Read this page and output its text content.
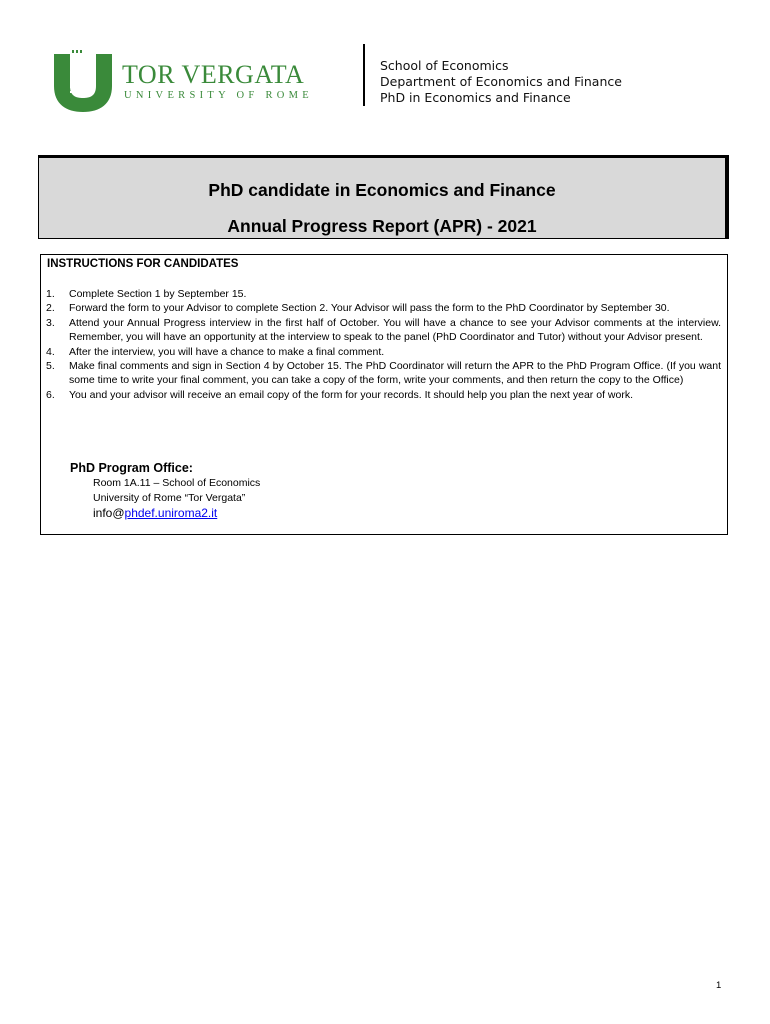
TOR VERGATA
UNIVERSITY OF ROME
School of Economics
Department of Economics and Finance
PhD in Economics and Finance
PhD candidate in Economics and Finance
Annual Progress Report (APR) - 2021
INSTRUCTIONS FOR CANDIDATES
1. Complete Section 1 by September 15.
2. Forward the form to your Advisor to complete Section 2. Your Advisor will pass the form to the PhD Coordinator by September 30.
3. Attend your Annual Progress interview in the first half of October. You will have a chance to see your Advisor comments at the interview. Remember, you will have an opportunity at the interview to speak to the panel (PhD Coordinator and Tutor) without your Advisor present.
4. After the interview, you will have a chance to make a final comment.
5. Make final comments and sign in Section 4 by October 15. The PhD Coordinator will return the APR to the PhD Program Office. (If you want some time to write your final comment, you can take a copy of the form, write your comments, and then return the copy to the Office)
6. You and your advisor will receive an email copy of the form for your records. It should help you plan the next year of work.
PhD Program Office:
Room 1A.11 – School of Economics
University of Rome “Tor Vergata”
info@phdef.uniroma2.it
1
